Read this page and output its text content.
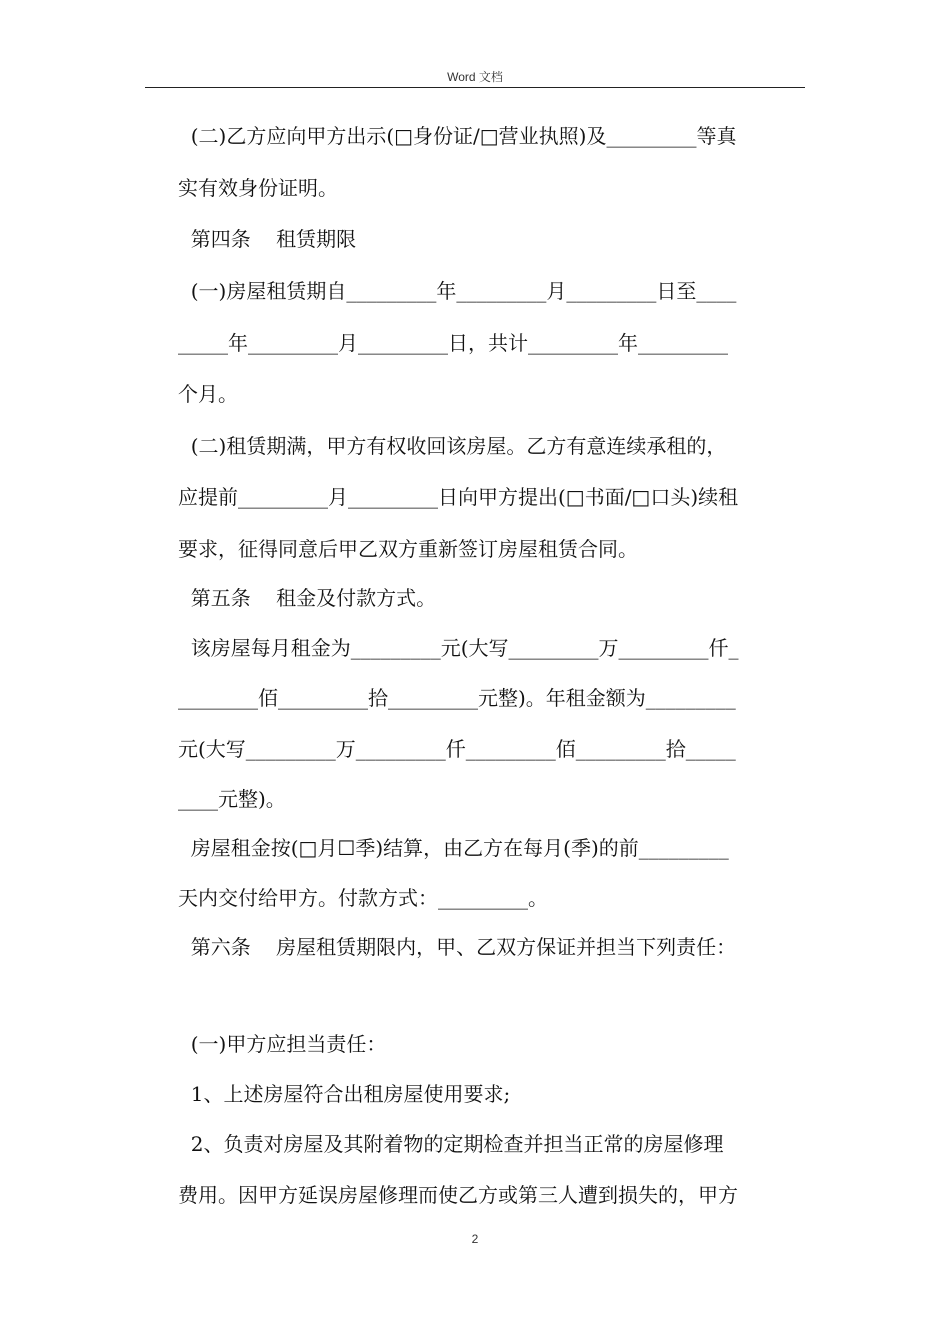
Word 文档
(二)乙方应向甲方出示(□身份证/□营业执照)及_________等真
实有效身份证明。
第四条    租赁期限
(一)房屋租赁期自_________年_________月_________日至____
_____年_________月_________日，共计_________年_________
个月。
(二)租赁期满，甲方有权收回该房屋。乙方有意连续承租的，
应提前_________月_________日向甲方提出(□书面/□口头)续租
要求，征得同意后甲乙双方重新签订房屋租赁合同。
第五条    租金及付款方式。
该房屋每月租金为_________元(大写_________万_________仟_
________佰_________拾_________元整)。年租金额为_________
元(大写_________万_________仟_________佰_________拾_____
____元整)。
房屋租金按(□月☐季)结算，由乙方在每月(季)的前_________
天内交付给甲方。付款方式：_________。
第六条    房屋租赁期限内，甲、乙双方保证并担当下列责任：
(一)甲方应担当责任：
1、上述房屋符合出租房屋使用要求;
2、负责对房屋及其附着物的定期检查并担当正常的房屋修理
费用。因甲方延误房屋修理而使乙方或第三人遭到损失的，甲方
2
